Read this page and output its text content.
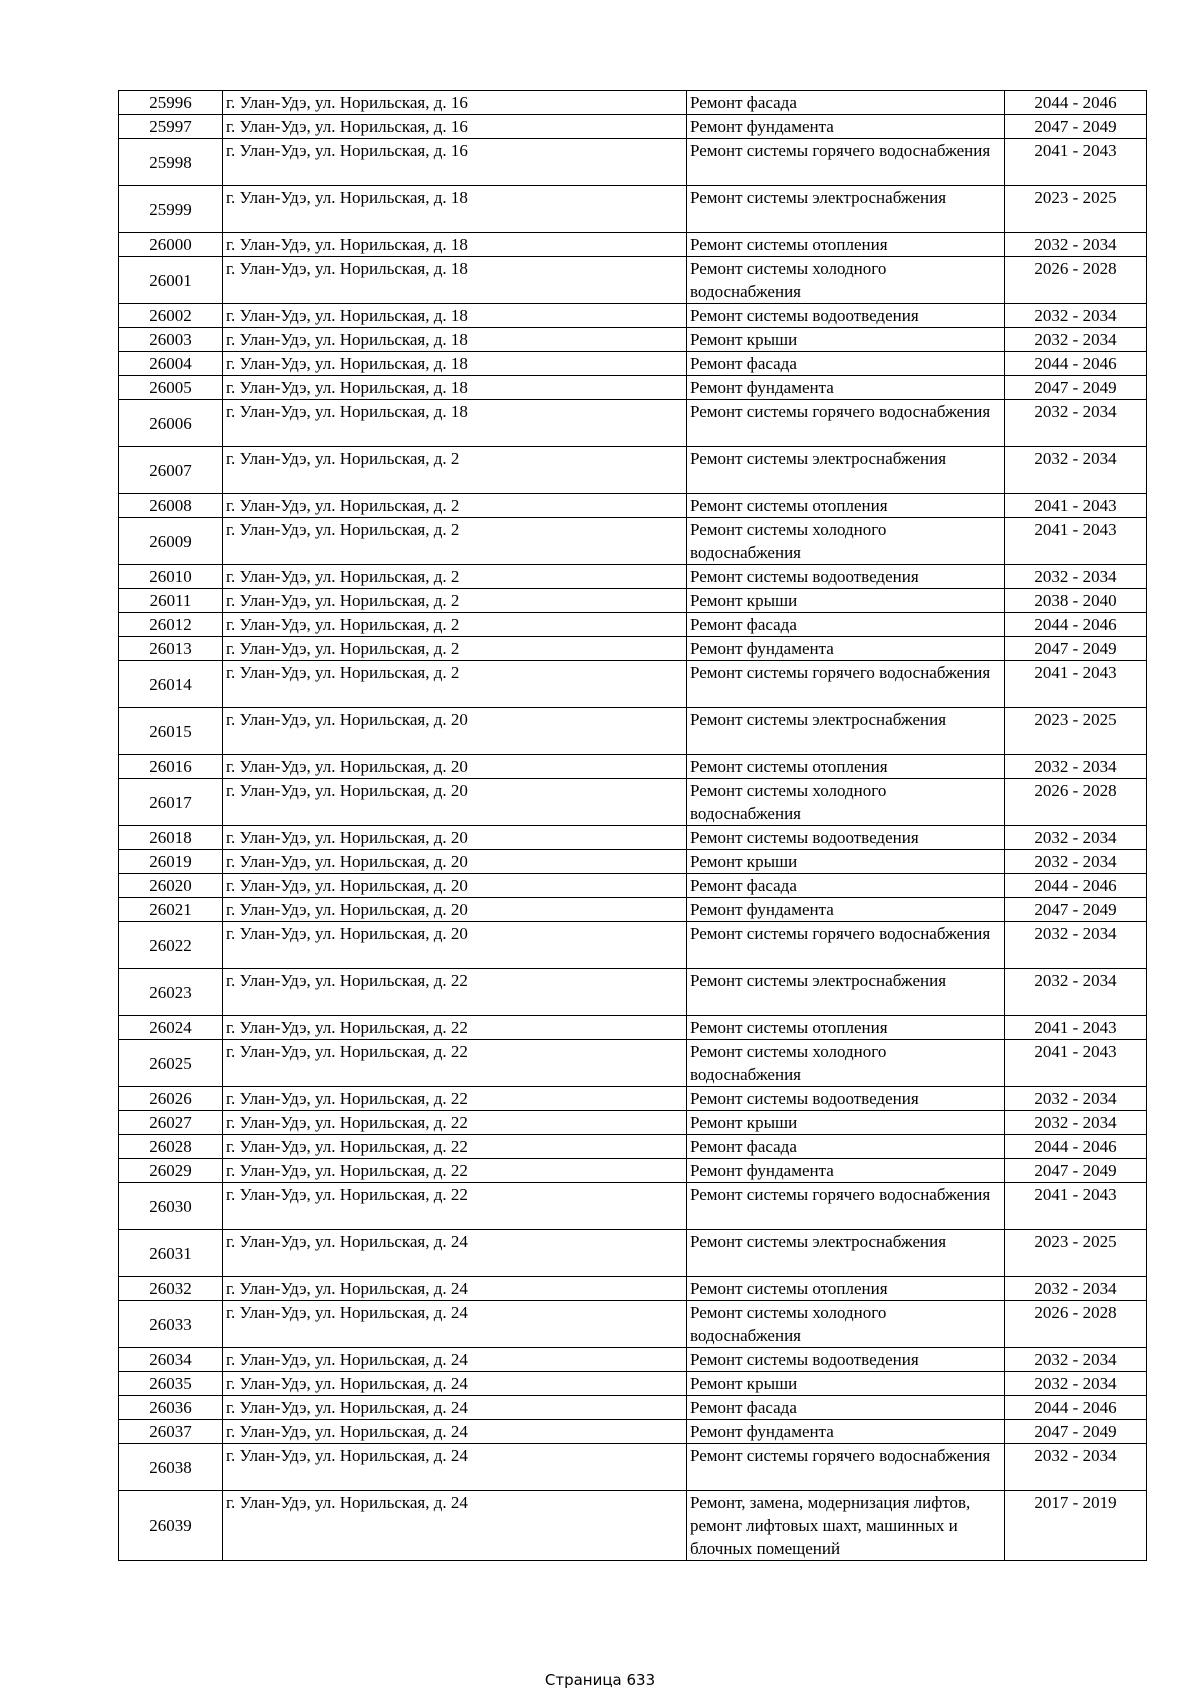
25996	г. Улан-Удэ, ул. Норильская, д. 16	Ремонт фасада	2044 - 2046
25997	г. Улан-Удэ, ул. Норильская, д. 16	Ремонт фундамента	2047 - 2049
25998	г. Улан-Удэ, ул. Норильская, д. 16	Ремонт системы горячего водоснабжения	2041 - 2043
25999	г. Улан-Удэ, ул. Норильская, д. 18	Ремонт системы электроснабжения	2023 - 2025
26000	г. Улан-Удэ, ул. Норильская, д. 18	Ремонт системы отопления	2032 - 2034
26001	г. Улан-Удэ, ул. Норильская, д. 18	Ремонт системы холодного водоснабжения	2026 - 2028
26002	г. Улан-Удэ, ул. Норильская, д. 18	Ремонт системы водоотведения	2032 - 2034
26003	г. Улан-Удэ, ул. Норильская, д. 18	Ремонт крыши	2032 - 2034
26004	г. Улан-Удэ, ул. Норильская, д. 18	Ремонт фасада	2044 - 2046
26005	г. Улан-Удэ, ул. Норильская, д. 18	Ремонт фундамента	2047 - 2049
26006	г. Улан-Удэ, ул. Норильская, д. 18	Ремонт системы горячего водоснабжения	2032 - 2034
26007	г. Улан-Удэ, ул. Норильская, д. 2	Ремонт системы электроснабжения	2032 - 2034
26008	г. Улан-Удэ, ул. Норильская, д. 2	Ремонт системы отопления	2041 - 2043
26009	г. Улан-Удэ, ул. Норильская, д. 2	Ремонт системы холодного водоснабжения	2041 - 2043
26010	г. Улан-Удэ, ул. Норильская, д. 2	Ремонт системы водоотведения	2032 - 2034
26011	г. Улан-Удэ, ул. Норильская, д. 2	Ремонт крыши	2038 - 2040
26012	г. Улан-Удэ, ул. Норильская, д. 2	Ремонт фасада	2044 - 2046
26013	г. Улан-Удэ, ул. Норильская, д. 2	Ремонт фундамента	2047 - 2049
26014	г. Улан-Удэ, ул. Норильская, д. 2	Ремонт системы горячего водоснабжения	2041 - 2043
26015	г. Улан-Удэ, ул. Норильская, д. 20	Ремонт системы электроснабжения	2023 - 2025
26016	г. Улан-Удэ, ул. Норильская, д. 20	Ремонт системы отопления	2032 - 2034
26017	г. Улан-Удэ, ул. Норильская, д. 20	Ремонт системы холодного водоснабжения	2026 - 2028
26018	г. Улан-Удэ, ул. Норильская, д. 20	Ремонт системы водоотведения	2032 - 2034
26019	г. Улан-Удэ, ул. Норильская, д. 20	Ремонт крыши	2032 - 2034
26020	г. Улан-Удэ, ул. Норильская, д. 20	Ремонт фасада	2044 - 2046
26021	г. Улан-Удэ, ул. Норильская, д. 20	Ремонт фундамента	2047 - 2049
26022	г. Улан-Удэ, ул. Норильская, д. 20	Ремонт системы горячего водоснабжения	2032 - 2034
26023	г. Улан-Удэ, ул. Норильская, д. 22	Ремонт системы электроснабжения	2032 - 2034
26024	г. Улан-Удэ, ул. Норильская, д. 22	Ремонт системы отопления	2041 - 2043
26025	г. Улан-Удэ, ул. Норильская, д. 22	Ремонт системы холодного водоснабжения	2041 - 2043
26026	г. Улан-Удэ, ул. Норильская, д. 22	Ремонт системы водоотведения	2032 - 2034
26027	г. Улан-Удэ, ул. Норильская, д. 22	Ремонт крыши	2032 - 2034
26028	г. Улан-Удэ, ул. Норильская, д. 22	Ремонт фасада	2044 - 2046
26029	г. Улан-Удэ, ул. Норильская, д. 22	Ремонт фундамента	2047 - 2049
26030	г. Улан-Удэ, ул. Норильская, д. 22	Ремонт системы горячего водоснабжения	2041 - 2043
26031	г. Улан-Удэ, ул. Норильская, д. 24	Ремонт системы электроснабжения	2023 - 2025
26032	г. Улан-Удэ, ул. Норильская, д. 24	Ремонт системы отопления	2032 - 2034
26033	г. Улан-Удэ, ул. Норильская, д. 24	Ремонт системы холодного водоснабжения	2026 - 2028
26034	г. Улан-Удэ, ул. Норильская, д. 24	Ремонт системы водоотведения	2032 - 2034
26035	г. Улан-Удэ, ул. Норильская, д. 24	Ремонт крыши	2032 - 2034
26036	г. Улан-Удэ, ул. Норильская, д. 24	Ремонт фасада	2044 - 2046
26037	г. Улан-Удэ, ул. Норильская, д. 24	Ремонт фундамента	2047 - 2049
26038	г. Улан-Удэ, ул. Норильская, д. 24	Ремонт системы горячего водоснабжения	2032 - 2034
26039	г. Улан-Удэ, ул. Норильская, д. 24	Ремонт, замена, модернизация лифтов, ремонт лифтовых шахт, машинных и блочных помещений	2017 - 2019
Страница 633
